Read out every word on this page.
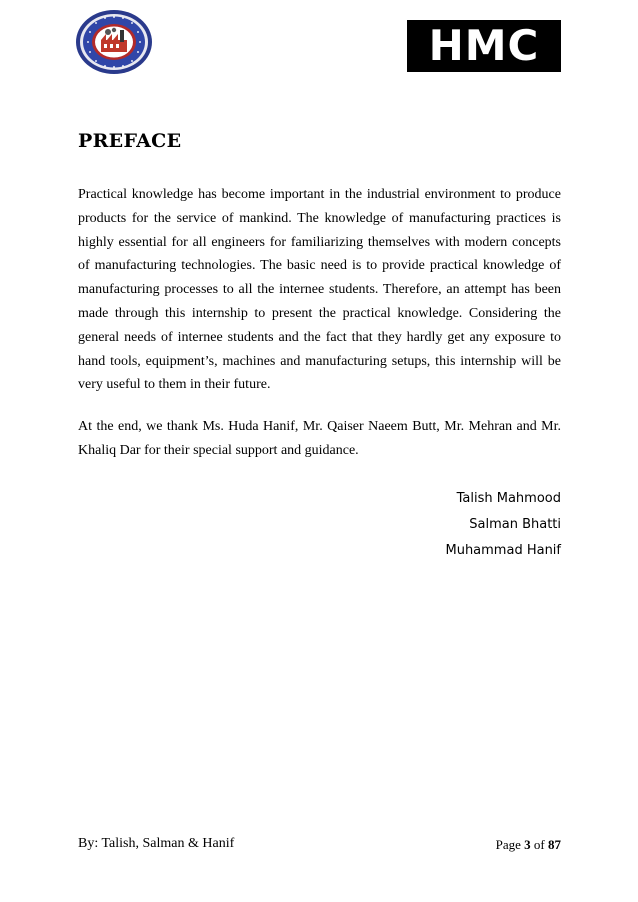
HMC
PREFACE

Practical knowledge has become important in the industrial environment to produce products for the service of mankind. The knowledge of manufacturing practices is highly essential for all engineers for familiarizing themselves with modern concepts of manufacturing technologies. The basic need is to provide practical knowledge of manufacturing processes to all the internee students. Therefore, an attempt has been made through this internship to present the practical knowledge. Considering the general needs of internee students and the fact that they hardly get any exposure to hand tools, equipment’s, machines and manufacturing setups, this internship will be very useful to them in their future.

At the end, we thank Ms. Huda Hanif, Mr. Qaiser Naeem Butt, Mr. Mehran and Mr. Khaliq Dar for their special support and guidance.

Talish Mahmood
Salman Bhatti
Muhammad Hanif
By: Talish, Salman & Hanif	Page 3 of 87
